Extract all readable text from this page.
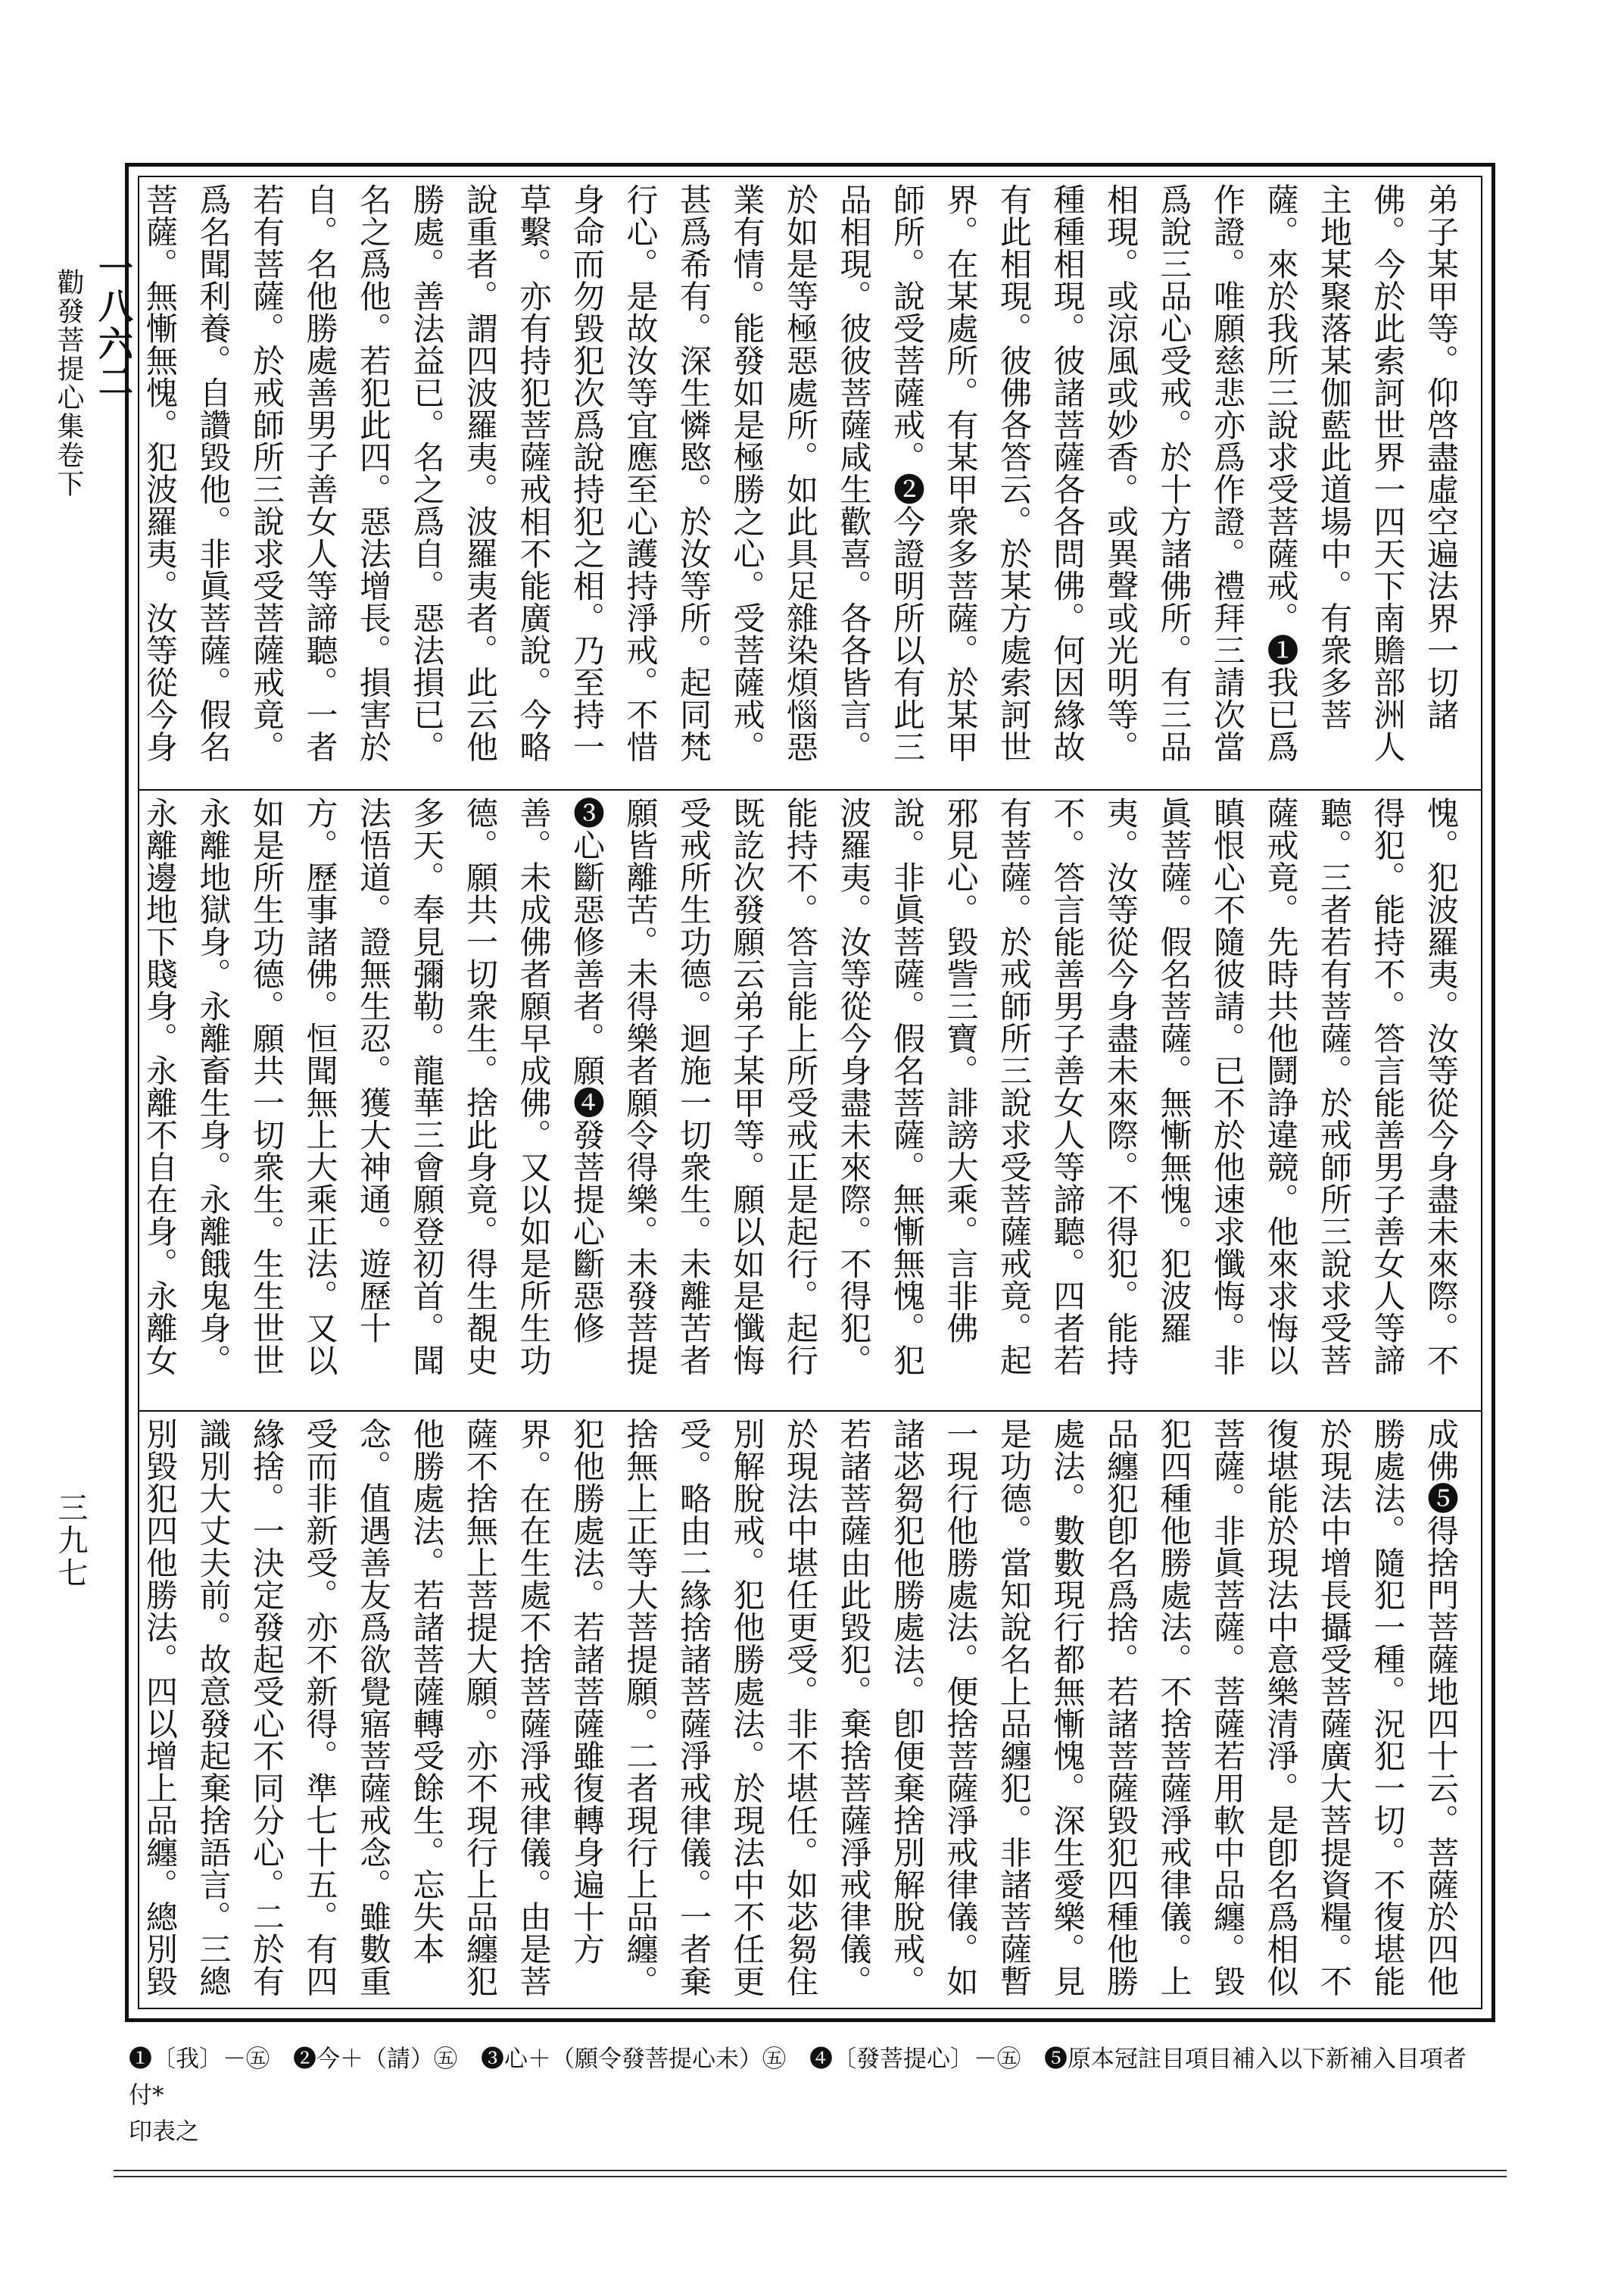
一八六二
勸發菩提心集卷下
三九七
弟子某甲等。仰啓盡虛空遍法界一切諸佛。今於此索訶世界一四天下南贍部洲人主地某聚落某伽藍此道場中。有衆多菩薩。來於我所三說求受菩薩戒。❶我已爲作證。唯願慈悲亦爲作證。禮拜三請次當爲說三品心受戒。於十方諸佛所。有三品相現。或涼風或妙香。或異聲或光明等。種種相現。彼諸菩薩各各問佛。何因緣故有此相現。彼佛各答云。於某方處索訶世界。在某處所。有某甲衆多菩薩。於某甲師所。說受菩薩戒。❷今證明所以有此三品相現。彼彼菩薩咸生歡喜。各各皆言。於如是等極惡處所。如此具足雜染煩惱惡業有情。能發如是極勝之心。受菩薩戒。甚爲希有。深生憐愍。於汝等所。起同梵行心。是故汝等宜應至心護持淨戒。不惜身命而勿毀犯次爲說持犯之相。乃至持一草繫。亦有持犯菩薩戒相不能廣說。今略說重者。謂四波羅夷。波羅夷者。此云他勝處。善法益已。名之爲自。惡法損已。名之爲他。若犯此四。惡法增長。損害於自。名他勝處善男子善女人等諦聽。一者若有菩薩。於戒師所三說求受菩薩戒竟。爲名聞利養。自讚毀他。非眞菩薩。假名菩薩。無慚無愧。犯波羅夷。汝等從今身
愧。犯波羅夷。汝等從今身盡未來際。不得犯。能持不。答言能善男子善女人等諦聽。三者若有菩薩。於戒師所三說求受菩薩戒竟。先時共他鬪諍違競。他來求悔以瞋恨心不隨彼請。已不於他速求懺悔。非眞菩薩。假名菩薩。無慚無愧。犯波羅夷。汝等從今身盡未來際。不得犯。能持不。答言能善男子善女人等諦聽。四者若有菩薩。於戒師所三說求受菩薩戒竟。起邪見心。毀訾三寶。誹謗大乘。言非佛說。非眞菩薩。假名菩薩。無慚無愧。犯波羅夷。汝等從今身盡未來際。不得犯。能持不。答言能上所受戒正是起行。起行既訖次發願云弟子某甲等。願以如是懺悔受戒所生功德。迴施一切衆生。未離苦者願皆離苦。未得樂者願令得樂。未發菩提❸心斷惡修善者。願❹發菩提心斷惡修善。未成佛者願早成佛。又以如是所生功德。願共一切衆生。捨此身竟。得生覩史多天。奉見彌勒。龍華三會願登初首。聞法悟道。證無生忍。獲大神通。遊歷十方。歷事諸佛。恒聞無上大乘正法。又以如是所生功德。願共一切衆生。生生世世永離地獄身。永離畜生身。永離餓鬼身。永離邊地下賤身。永離不自在身。永離女
成佛❺得捨門菩薩地四十云。菩薩於四他勝處法。隨犯一種。況犯一切。不復堪能於現法中增長攝受菩薩廣大菩提資糧。不復堪能於現法中意樂清淨。是卽名爲相似菩薩。非眞菩薩。菩薩若用軟中品纏。毀犯四種他勝處法。不捨菩薩淨戒律儀。上品纏犯卽名爲捨。若諸菩薩毀犯四種他勝處法。數數現行都無慚愧。深生愛樂。見是功德。當知說名上品纏犯。非諸菩薩暫一現行他勝處法。便捨菩薩淨戒律儀。如諸苾芻犯他勝處法。卽便棄捨別解脫戒。若諸菩薩由此毀犯。棄捨菩薩淨戒律儀。於現法中堪任更受。非不堪任。如苾芻住別解脫戒。犯他勝處法。於現法中不任更受。略由二緣捨諸菩薩淨戒律儀。一者棄捨無上正等大菩提願。二者現行上品纏。犯他勝處法。若諸菩薩雖復轉身遍十方界。在在生處不捨菩薩淨戒律儀。由是菩薩不捨無上菩提大願。亦不現行上品纏犯他勝處法。若諸菩薩轉受餘生。忘失本念。值遇善友爲欲覺寤菩薩戒念。雖數重受而非新受。亦不新得。準七十五。有四緣捨。一決定發起受心不同分心。二於有識別大丈夫前。故意發起棄捨語言。三總別毀犯四他勝法。四以增上品纏。總別毀
❶〔我〕－㊄　❷今＋（請）㊄　❸心＋（願令發菩提心未）㊄　❹〔發菩提心〕－㊄　❺原本冠註目項目補入以下新補入目項者付*
印表之
